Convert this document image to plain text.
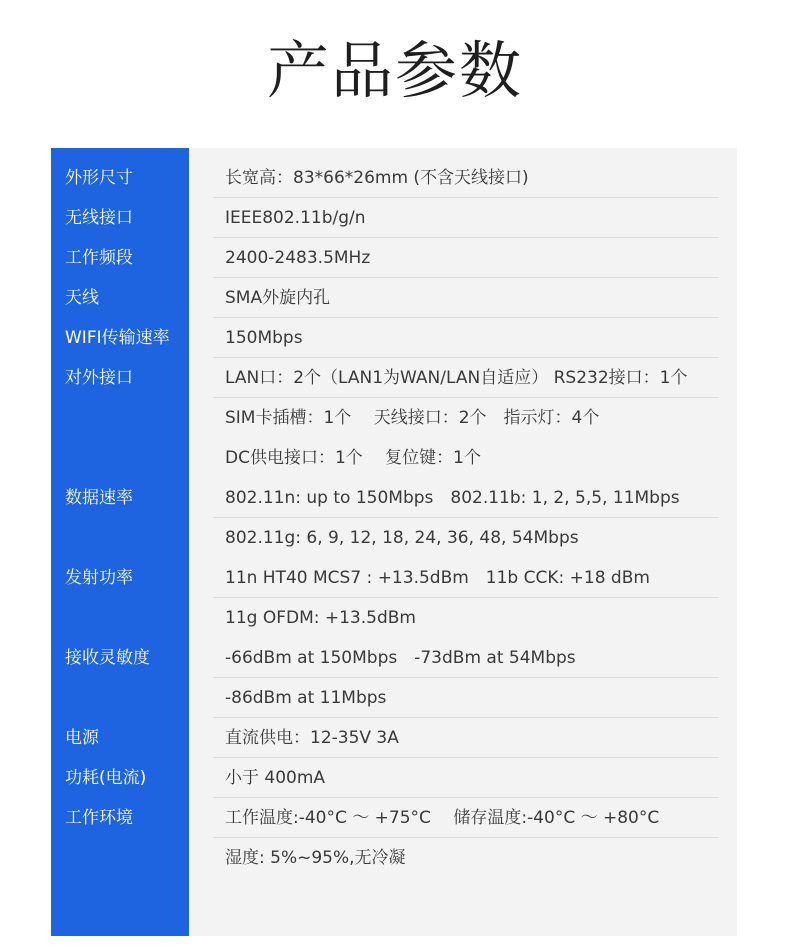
产品参数
外形尺寸	长宽高：83*66*26mm (不含天线接口)
无线接口	IEEE802.11b/g/n
工作频段	2400-2483.5MHz
天线	SMA外旋内孔
WIFI传输速率	150Mbps
对外接口	LAN口：2个（LAN1为WAN/LAN自适应） RS232接口：1个
SIM卡插槽：1个　 天线接口：2个　指示灯：4个
DC供电接口：1个　 复位键：1个
数据速率	802.11n: up to 150Mbps　802.11b: 1, 2, 5,5, 11Mbps
802.11g: 6, 9, 12, 18, 24, 36, 48, 54Mbps
发射功率	11n HT40 MCS7 : +13.5dBm　11b CCK: +18 dBm
11g OFDM: +13.5dBm
接收灵敏度	-66dBm at 150Mbps　-73dBm at 54Mbps
-86dBm at 11Mbps
电源	直流供电：12-35V 3A
功耗(电流)	小于 400mA
工作环境	工作温度:-40°C ～ +75°C　 储存温度:-40°C ～ +80°C
湿度: 5%~95%,无冷凝
